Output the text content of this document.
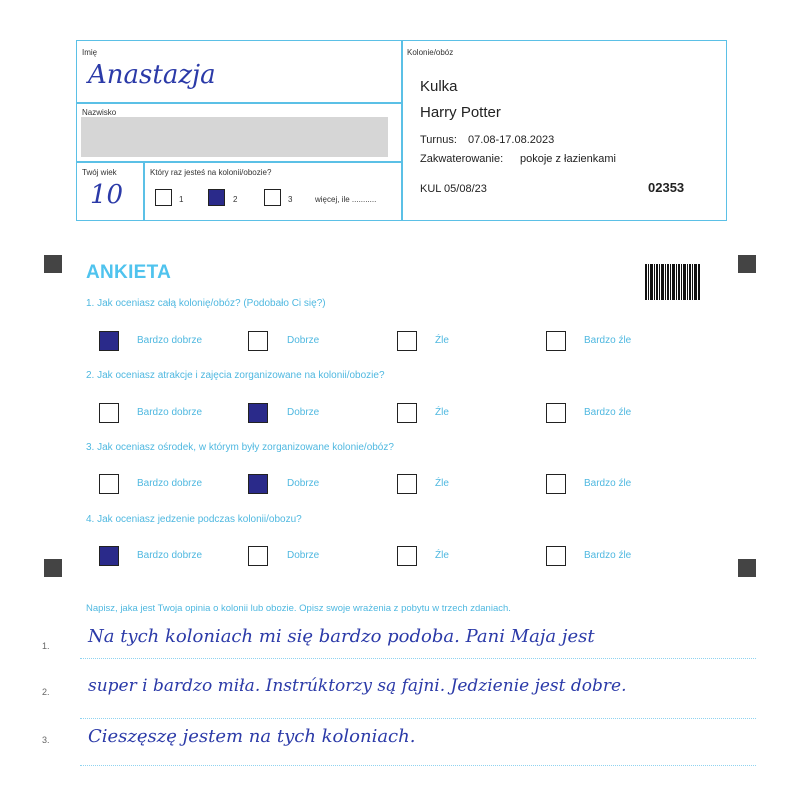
Imię
Anastazja
Nazwisko
Twój wiek
10
Który raz jesteś na kolonii/obozie?
1	2	3	więcej, ile ...........
Kolonie/obóz
Kulka
Harry Potter
Turnus: 07.08-17.08.2023
Zakwaterowanie: pokoje z łazienkami
KUL 05/08/23	02353
ANKIETA
1. Jak oceniasz całą kolonię/obóz? (Podobało Ci się?)
Bardzo dobrze	Dobrze	Źle	Bardzo źle
2. Jak oceniasz atrakcje i zajęcia zorganizowane na kolonii/obozie?
Bardzo dobrze	Dobrze	Źle	Bardzo źle
3. Jak oceniasz ośrodek, w którym były zorganizowane kolonie/obóz?
Bardzo dobrze	Dobrze	Źle	Bardzo źle
4. Jak oceniasz jedzenie podczas kolonii/obozu?
Bardzo dobrze	Dobrze	Źle	Bardzo źle
Napisz, jaka jest Twoja opinia o kolonii lub obozie. Opisz swoje wrażenia z pobytu w trzech zdaniach.
1. Na tych koloniach mi się bardzo podoba. Pani Maja jest
2. super i bardzo miła. Instrúktorzy są fajni. Jedzienie jest dobre.
3. Cieszęszę jestem na tych koloniach.
